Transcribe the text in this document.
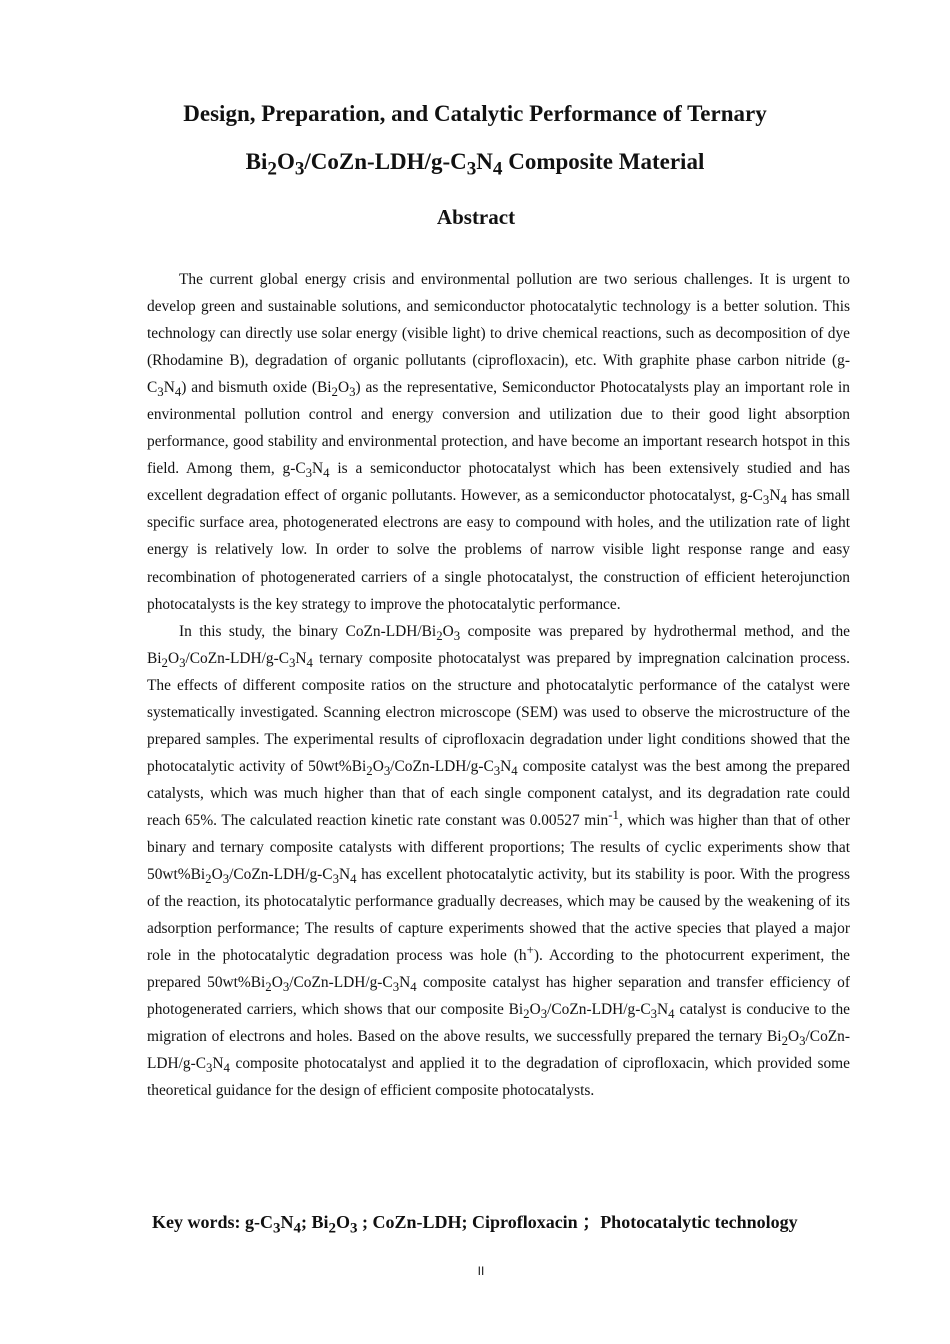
Design, Preparation, and Catalytic Performance of Ternary
$Bi_2O_3/CoZn-LDH/g-C_3N_4$ Composite Material
Abstract

The current global energy crisis and environmental pollution are two serious challenges. It is urgent to develop green and sustainable solutions, and semiconductor photocatalytic technology is a better solution. This technology can directly use solar energy (visible light) to drive chemical reactions, such as decomposition of dye (Rhodamine B), degradation of organic pollutants (ciprofloxacin), etc. With graphite phase carbon nitride $(g-C_3N_4)$ and bismuth oxide $(Bi_2O_3)$ as the representative, Semiconductor Photocatalysts play an important role in environmental pollution control and energy conversion and utilization due to their good light absorption performance, good stability and environmental protection, and have become an important research hotspot in this field. Among them, $g-C_3N_4$ is a semiconductor photocatalyst which has been extensively studied and has excellent degradation effect of organic pollutants. However, as a semiconductor photocatalyst, $g-C_3N_4$ has small specific surface area, photogenerated electrons are easy to compound with holes, and the utilization rate of light energy is relatively low. In order to solve the problems of narrow visible light response range and easy recombination of photogenerated carriers of a single photocatalyst, the construction of efficient heterojunction photocatalysts is the key strategy to improve the photocatalytic performance.

In this study, the binary CoZn-$LDH/Bi_2O_3$ composite was prepared by hydrothermal method, and the $Bi_2O_3/CoZn-LDH/g-C_3N_4$ ternary composite photocatalyst was prepared by impregnation calcination process. The effects of different composite ratios on the structure and photocatalytic performance of the catalyst were systematically investigated. Scanning electron microscope (SEM) was used to observe the microstructure of the prepared samples. The experimental results of ciprofloxacin degradation under light conditions showed that the photocatalytic activity of $50wt\%Bi_2O_3/CoZn-LDH/g-C_3N_4$ composite catalyst was the best among the prepared catalysts, which was much higher than that of each single component catalyst, and its degradation rate could reach 65%. The calculated reaction kinetic rate constant was 0.00527 $\min^{-1}$, which was higher than that of other binary and ternary composite catalysts with different proportions; The results of cyclic experiments show that $50wt\%Bi_2O_3/CoZn-LDH/g-C_3N_4$ has excellent photocatalytic activity, but its stability is poor. With the progress of the reaction, its photocatalytic performance gradually decreases, which may be caused by the weakening of its adsorption performance; The results of capture experiments showed that the active species that played a major role in the photocatalytic degradation process was hole (h+). According to the photocurrent experiment, the prepared $50wt\%Bi_2O_3/CoZn-LDH/g-C_3N_4$ composite catalyst has higher separation and transfer efficiency of photogenerated carriers, which shows that our composite $Bi_2O_3/CoZn-LDH/g-C_3N_4$ catalyst is conducive to the migration of electrons and holes. Based on the above results, we successfully prepared the ternary $Bi_2O_3/CoZn-LDH/g-C_3N_4$ composite photocatalyst and applied it to the degradation of ciprofloxacin, which provided some theoretical guidance for the design of efficient composite photocatalysts.

Key words: $g-C_3N_4$; $Bi_2O_3$ ; CoZn-LDH; Ciprofloxacin ；Photocatalytic technology
II
